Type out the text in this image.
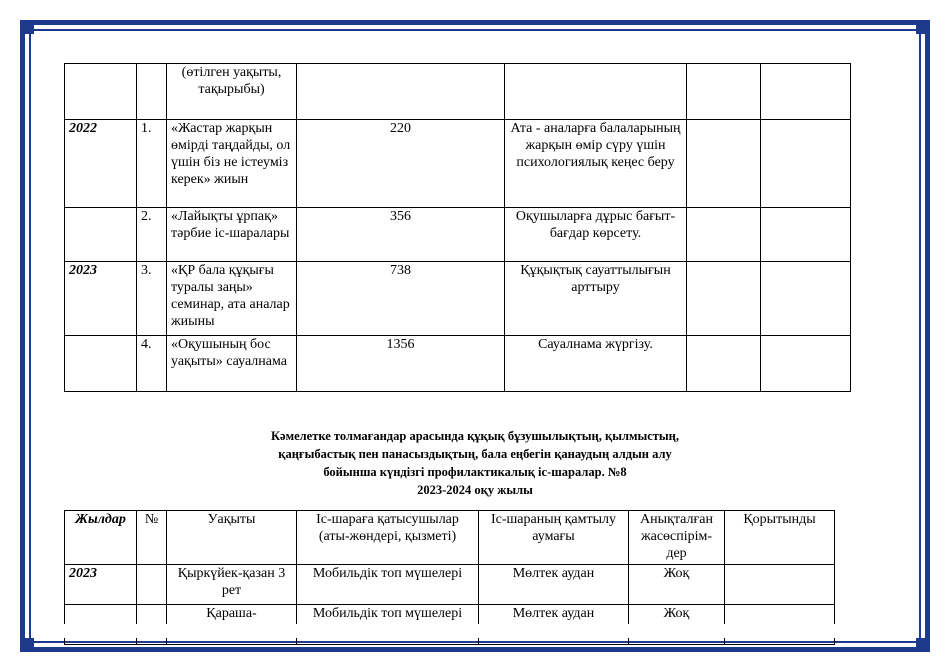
		(өтілген уақыты, тақырыбы)				
2022	1.	«Жастар жарқын өмірді таңдайды, ол үшін біз не істеуміз керек» жиын	220	Ата - аналарға балаларының жарқын өмір сүру үшін психологиялық кеңес беру		
	2.	«Лайықты ұрпақ» тәрбие іс-шаралары	356	Оқушыларға дұрыс бағыт-бағдар көрсету.		
2023	3.	«ҚР бала құқығы туралы заңы» семинар, ата аналар жиыны	738	Құқықтық сауаттылығын арттыру		
	4.	«Оқушының бос уақыты» сауалнама	1356	Сауалнама жүргізу.		
Кәмелетке толмағандар арасында құқық бұзушылықтың, қылмыстың,
қаңғыбастық пен панасыздықтың, бала еңбегін қанаудың алдын алу
бойынша күндізгі профилактикалық іс-шаралар. №8
2023-2024 оқу жылы
Жылдар	№	Уақыты	Іс-шараға қатысушылар (аты-жөндері, қызметі)	Іс-шараның қамтылу аумағы	Анықталған жасөспірім-дер	Қорытынды
2023		Қыркүйек-қазан 3 рет	Мобильдік топ мүшелері	Мөлтек аудан	Жоқ	
		Қараша-	Мобильдік топ мүшелері	Мөлтек аудан	Жоқ	
